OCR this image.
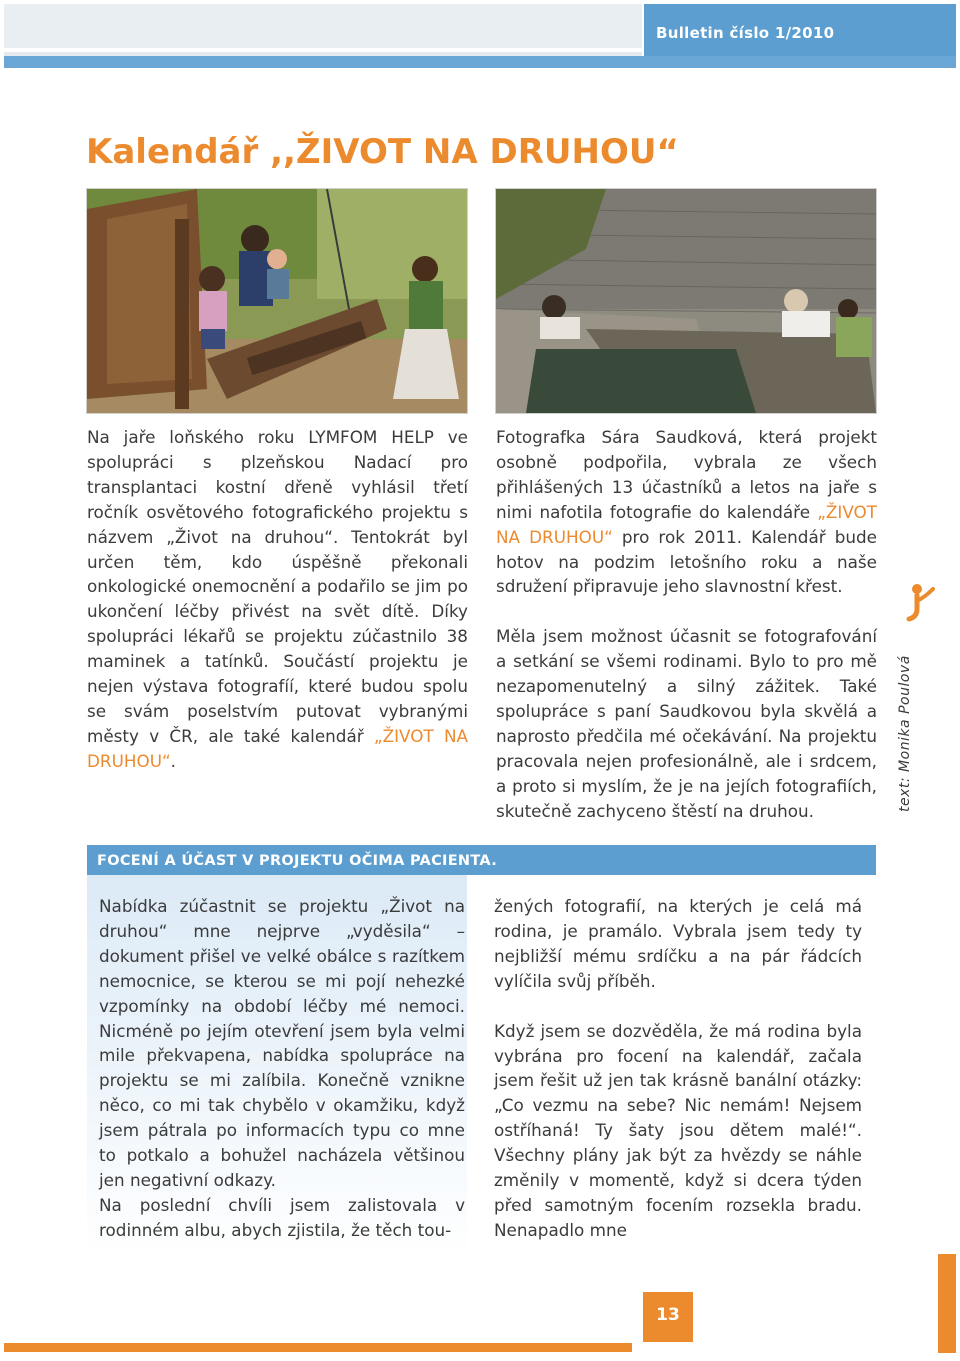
Bulletin číslo 1/2010
Kalendář ,,ŽIVOT NA DRUHOU“

Na jaře loňského roku LYMFOM HELP ve spolupráci s plzeňskou Nadací pro transplantaci kostní dřeně vyhlásil třetí ročník osvětového fotografického projektu s názvem „Život na druhou“. Tentokrát byl určen těm, kdo úspěšně překonali onkologické onemocnění a podařilo se jim po ukončení léčby přivést na svět dítě. Díky spolupráci lékařů se projektu zúčastnilo 38 maminek a tatínků. Součástí projektu je nejen výstava fotografíí, které budou spolu se svám poselstvím putovat vybranými městy v ČR, ale také kalendář „ŽIVOT NA DRUHOU“.

Fotografka Sára Saudková, která projekt osobně podpořila, vybrala ze všech přihlášených 13 účastníků a letos na jaře s nimi nafotila fotografie do kalendáře „ŽIVOT NA DRUHOU“ pro rok 2011. Kalendář bude hotov na podzim letošního roku a naše sdružení připravuje jeho slavnostní křest.

Měla jsem možnost účasnit se fotografování a setkání se všemi rodinami. Bylo to pro mě nezapomenutelný a silný zážitek. Také spolupráce s paní Saudkovou byla skvělá a naprosto předčila mé očekávání. Na projektu pracovala nejen profesionálně, ale i srdcem, a proto si myslím, že je na jejích fotografiích, skutečně zachyceno štěstí na druhou.	text: Monika Poulová
FOCENÍ A ÚČAST V PROJEKTU OČIMA PACIENTA.

Nabídka zúčastnit se projektu „Život na druhou“ mne nejprve „vyděsila“ – dokument přišel ve velké obálce s razítkem nemocnice, se kterou se mi pojí nehezké vzpomínky na období léčby mé nemoci. Nicméně po jejím otevření jsem byla velmi mile překvapena, nabídka spolupráce na projektu se mi zalíbila. Konečně vznikne něco, co mi tak chybělo v okamžiku, když jsem pátrala po informacích typu co mne to potkalo a bohužel nacházela většinou jen negativní odkazy.

Na poslední chvíli jsem zalistovala v rodinném albu, abych zjistila, že těch tou-

žených fotografií, na kterých je celá má rodina, je pramálo. Vybrala jsem tedy ty nejbližší mému srdíčku a na pár řádcích vylíčila svůj příběh.

Když jsem se dozvěděla, že má rodina byla vybrána pro focení na kalendář, začala jsem řešit už jen tak krásně banální otázky: „Co vezmu na sebe? Nic nemám! Nejsem ostříhaná! Ty šaty jsou dětem malé!“. Všechny plány jak být za hvězdy se náhle změnily v momentě, když si dcera týden před samotným focením rozsekla bradu. Nenapadlo mne

13
